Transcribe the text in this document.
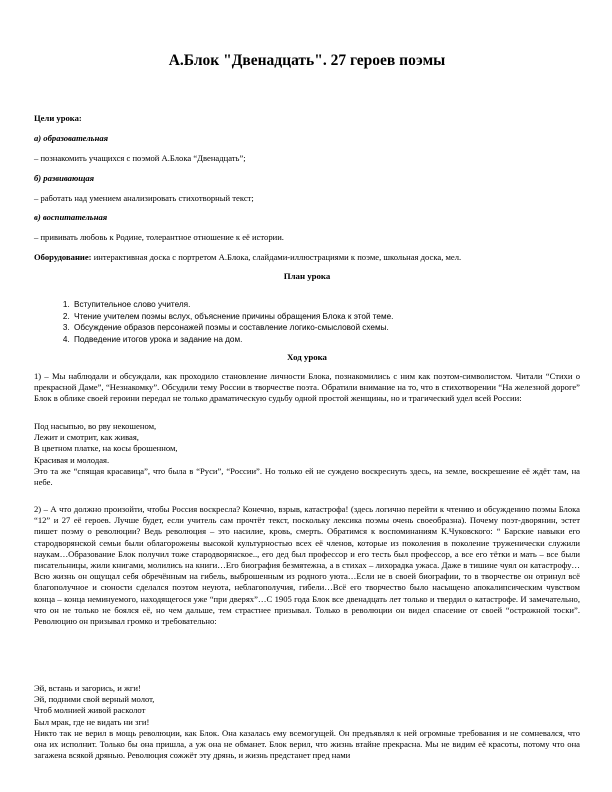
А.Блок "Двенадцать". 27 героев поэмы
Цели урока:
а) образовательная
– познакомить учащихся с поэмой А.Блока “Двенадцать”;
б) развивающая
– работать над умением анализировать стихотворный текст;
в) воспитательная
– прививать любовь к Родине, толерантное отношение к её истории.
Оборудование: интерактивная доска с портретом А.Блока, слайдами-иллюстрациями к поэме, школьная доска, мел.
План урока
1. Вступительное слово учителя.
2. Чтение учителем поэмы вслух, объяснение причины обращения Блока к этой теме.
3. Обсуждение образов персонажей поэмы и составление логико-смысловой схемы.
4. Подведение итогов урока и задание на дом.
Ход урока

1) – Мы наблюдали и обсуждали, как проходило становление личности Блока, познакомились с ним как поэтом-символистом. Читали “Стихи о прекрасной Даме”, “Незнакомку”. Обсудили тему России в творчестве поэта. Обратили внимание на то, что в стихотворении “На железной дороге” Блок в облике своей героини передал не только драматическую судьбу одной простой женщины, но и трагический удел всей России:

Под насыпью, во рву некошеном,
Лежит и смотрит, как живая,
В цветном платке, на косы брошенном,
Красивая и молодая.
Это та же “спящая красавица”, что была в “Руси”, “России”. Но только ей не суждено воскреснуть здесь, на земле, воскрешение её ждёт там, на небе.

2) – А что должно произойти, чтобы Россия воскресла? Конечно, взрыв, катастрофа! (здесь логично перейти к чтению и обсуждению поэмы Блока “12” и 27 её героев. Лучше будет, если учитель сам прочтёт текст, поскольку лексика поэмы очень своеобразна). Почему поэт-дворянин, эстет пишет поэму о революции? Ведь революция – это насилие, кровь, смерть. Обратимся к воспоминаниям К.Чуковского: “ Барские навыки его стародворянской семьи были облагорожены высокой культурностью всех её членов, которые из поколения в поколение труженически служили наукам…Образование Блок получил тоже стародворянское.., его дед был профессор и его тесть был профессор, а все его тётки и мать – все были писательницы, жили книгами, молились на книги…Его биография безмятежна, а в стихах – лихорадка ужаса. Даже в тишине чуял он катастрофу…Всю жизнь он ощущал себя обречённым на гибель, выброшенным из родного уюта…Если не в своей биографии, то в творчестве он отринул всё благополучное и сюности сделался поэтом неуюта, неблагополучия, гибели…Всё его творчество было насыщено апокалипсическим чувством конца – конца неминуемого, находящегося уже “при дверях”…С 1905 года Блок все двенадцать лет только и твердил о катастрофе. И замечательно, что он не только не боялся её, но чем дальше, тем страстнее призывал. Только в революции он видел спасение от своей “острожной тоски”. Революцию он призывал громко и требовательно:

Эй, встань и загорись, и жги!
Эй, подними свой верный молот,
Чтоб молнией живой расколот
Был мрак, где не видать ни зги!

Никто так не верил в мощь революции, как Блок. Она казалась ему всемогущей. Он предъявлял к ней огромные требования и не сомневался, что она их исполнит. Только бы она пришла, а уж она не обманет. Блок верил, что жизнь втайне прекрасна. Мы не видим её красоты, потому что она загажена всякой дрянью. Революция сожжёт эту дрянь, и жизнь предстанет пред нами
